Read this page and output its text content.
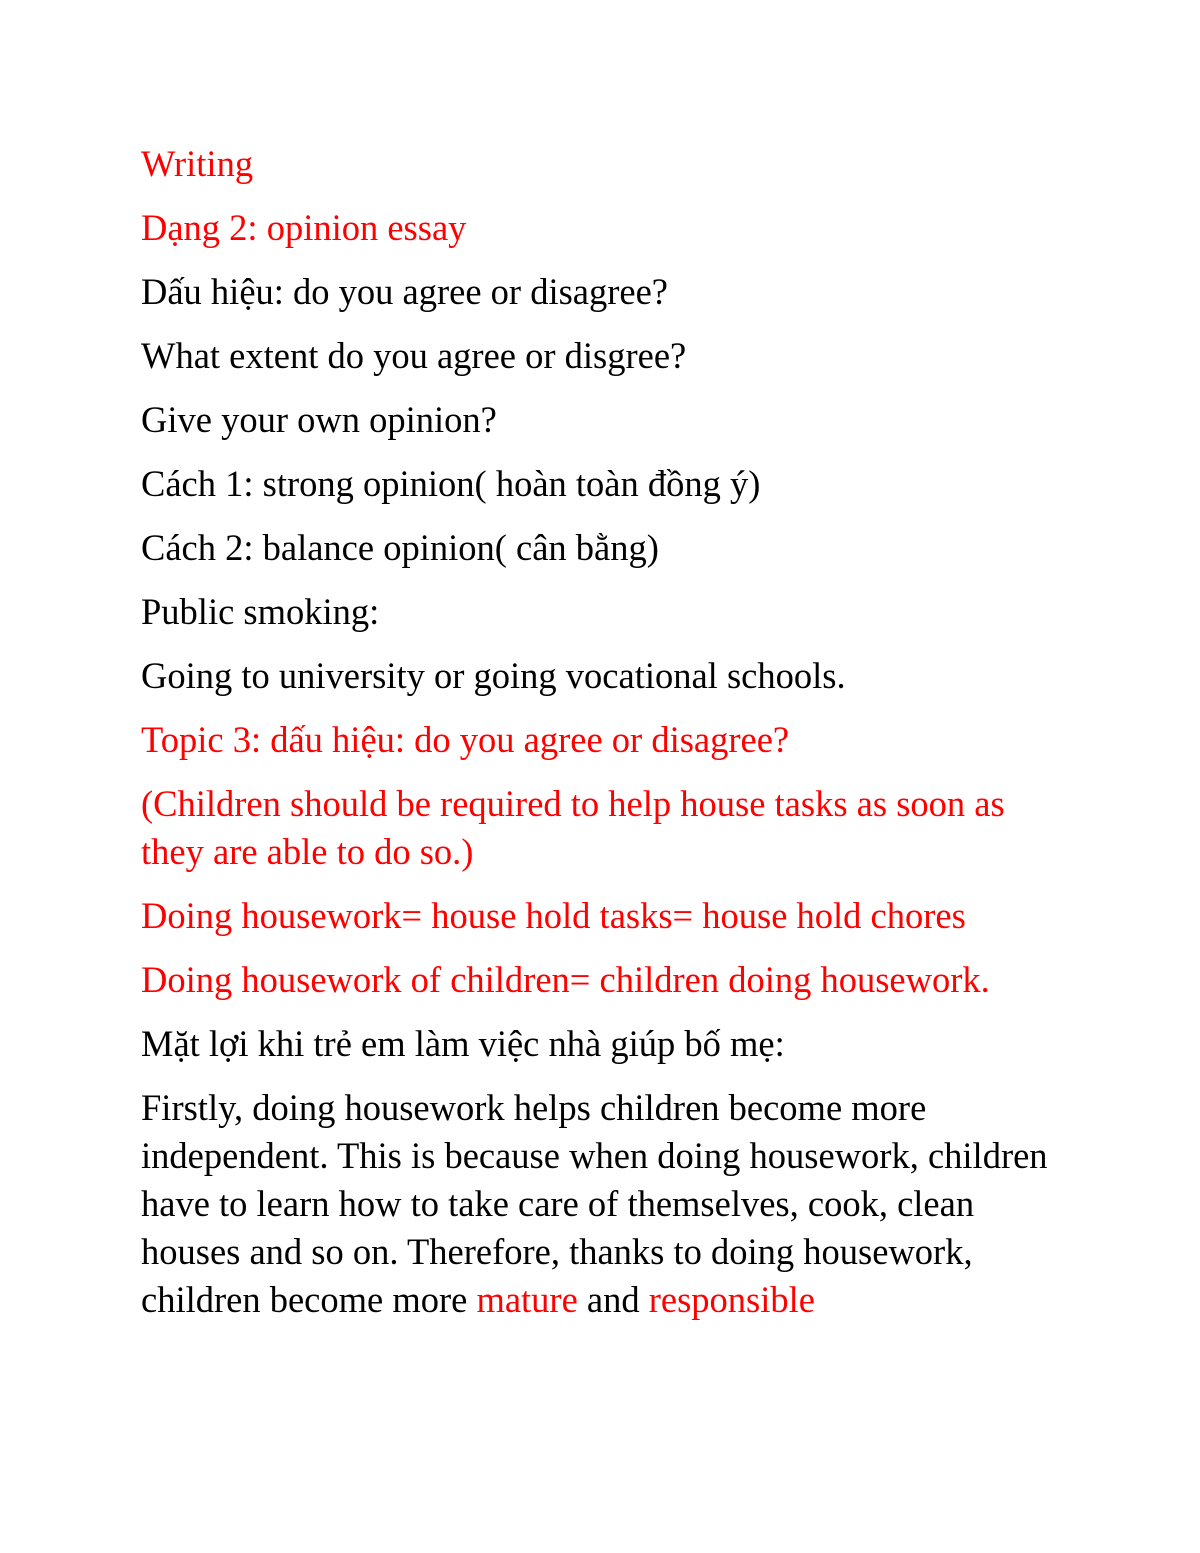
Writing

Dạng 2: opinion essay

Dấu hiệu: do you agree or disagree?

What extent do you agree or disgree?

Give your own opinion?

Cách 1: strong opinion( hoàn toàn đồng ý)

Cách 2: balance opinion( cân bằng)

Public smoking:

Going to university or going vocational schools.

Topic 3: dấu hiệu: do you agree or disagree?

(Children should be required to help house tasks as soon as they are able to do so.)

Doing housework= house hold tasks= house hold chores

Doing housework of children= children doing housework.

Mặt lợi khi trẻ em làm việc nhà giúp bố mẹ:

Firstly, doing housework helps children become more independent. This is because when doing housework, children have to learn how to take care of themselves, cook, clean houses and so on. Therefore, thanks to doing housework, children become more mature and responsible
